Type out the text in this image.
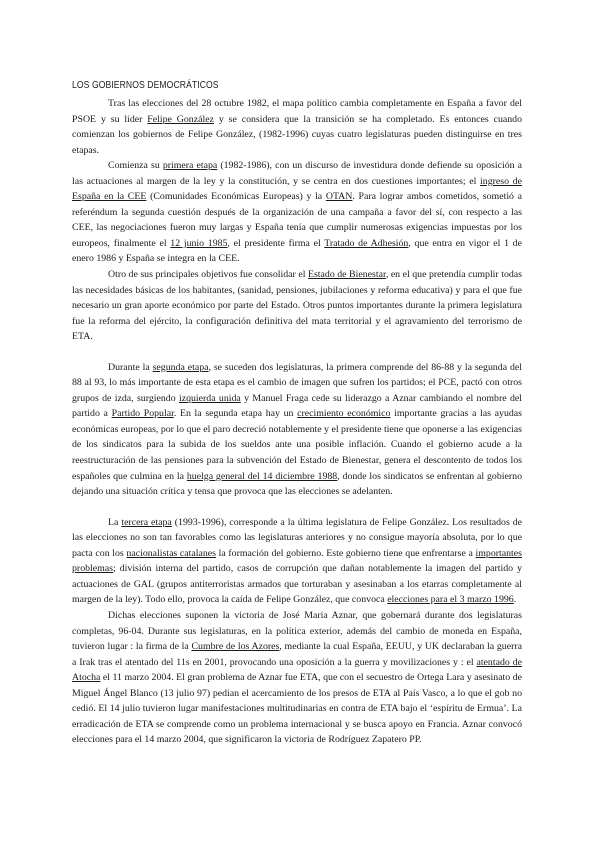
LOS GOBIERNOS DEMOCRÁTICOS

Tras las elecciones del 28 octubre 1982, el mapa político cambia completamente en España a favor del PSOE y su líder Felipe González y se considera que la transición se ha completado. Es entonces cuando comienzan los gobiernos de Felipe González, (1982-1996) cuyas cuatro legislaturas pueden distinguirse en tres etapas.

Comienza su primera etapa (1982-1986), con un discurso de investidura donde defiende su oposición a las actuaciones al margen de la ley y la constitución, y se centra en dos cuestiones importantes; el ingreso de España en la CEE (Comunidades Económicas Europeas) y la OTAN. Para lograr ambos cometidos, sometió a referéndum la segunda cuestión después de la organización de una campaña a favor del sí, con respecto a las CEE, las negociaciones fueron muy largas y España tenía que cumplir numerosas exigencias impuestas por los europeos, finalmente el 12 junio 1985, el presidente firma el Tratado de Adhesión, que entra en vigor el 1 de enero 1986 y España se integra en la CEE.

Otro de sus principales objetivos fue consolidar el Estado de Bienestar, en el que pretendía cumplir todas las necesidades básicas de los habitantes, (sanidad, pensiones, jubilaciones y reforma educativa) y para el que fue necesario un gran aporte económico por parte del Estado. Otros puntos importantes durante la primera legislatura fue la reforma del ejército, la configuración definitiva del mata territorial y el agravamiento del terrorismo de ETA.

Durante la segunda etapa, se suceden dos legislaturas, la primera comprende del 86-88 y la segunda del 88 al 93, lo más importante de esta etapa es el cambio de imagen que sufren los partidos; el PCE, pactó con otros grupos de izda, surgiendo izquierda unida y Manuel Fraga cede su liderazgo a Aznar cambiando el nombre del partido a Partido Popular. En la segunda etapa hay un crecimiento económico importante gracias a las ayudas económicas europeas, por lo que el paro decreció notablemente y el presidente tiene que oponerse a las exigencias de los sindicatos para la subida de los sueldos ante una posible inflación. Cuando el gobierno acude a la reestructuración de las pensiones para la subvención del Estado de Bienestar, genera el descontento de todos los españoles que culmina en la huelga general del 14 diciembre 1988, donde los sindicatos se enfrentan al gobierno dejando una situación crítica y tensa que provoca que las elecciones se adelanten.

La tercera etapa (1993-1996), corresponde a la última legislatura de Felipe González. Los resultados de las elecciones no son tan favorables como las legislaturas anteriores y no consigue mayoría absoluta, por lo que pacta con los nacionalistas catalanes la formación del gobierno. Este gobierno tiene que enfrentarse a importantes problemas; división interna del partido, casos de corrupción que dañan notablemente la imagen del partido y actuaciones de GAL (grupos antiterroristas armados que torturaban y asesinaban a los etarras completamente al margen de la ley). Todo ello, provoca la caída de Felipe González, que convoca elecciones para el 3 marzo 1996.

Dichas elecciones suponen la victoria de José María Aznar, que gobernará durante dos legislaturas completas, 96-04. Durante sus legislaturas, en la política exterior, además del cambio de moneda en España, tuvieron lugar : la firma de la Cumbre de los Azores, mediante la cual España, EEUU, y UK declaraban la guerra a Irak tras el atentado del 11s en 2001, provocando una oposición a la guerra y movilizaciones y : el atentado de Atocha el 11 marzo 2004. El gran problema de Aznar fue ETA, que con el secuestro de Ortega Lara y asesinato de Miguel Ángel Blanco (13 julio 97) pedían el acercamiento de los presos de ETA al País Vasco, a lo que el gob no cedió. El 14 julio tuvieron lugar manifestaciones multitudinarias en contra de ETA bajo el ‘espíritu de Ermua’. La erradicación de ETA se comprende como un problema internacional y se busca apoyo en Francia. Aznar convocó elecciones para el 14 marzo 2004, que significaron la victoria de Rodríguez Zapatero PP.
